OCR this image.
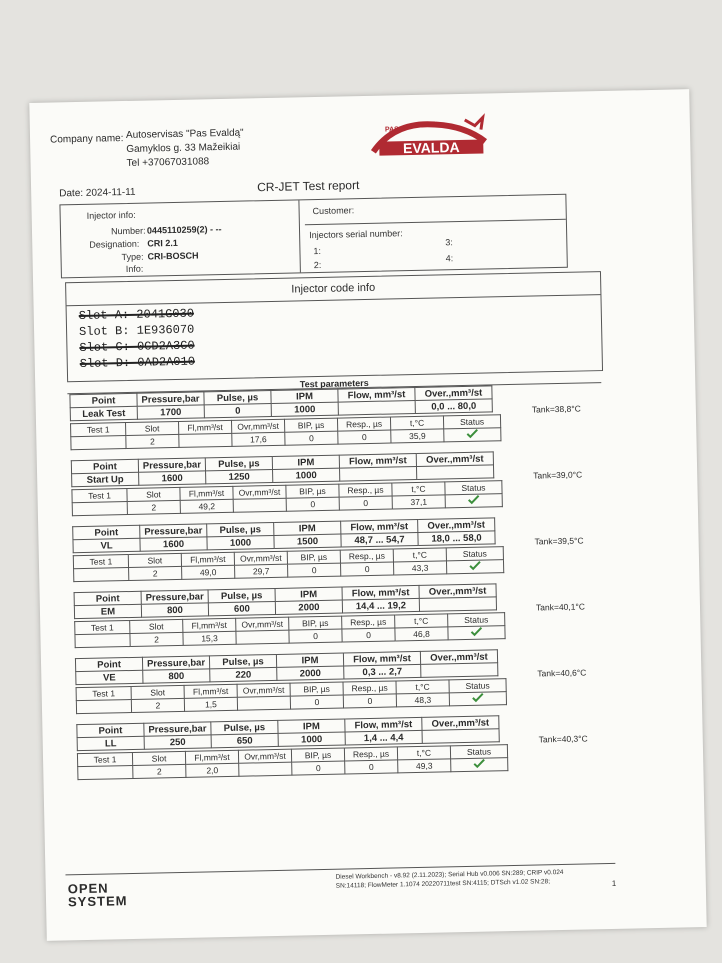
Company name: Autoservisas "Pas Evaldą"
Gamyklos g. 33 Mažeikiai
Tel +37067031088
EVALDA
PAS
Date: 2024-11-11	CR-JET Test report
Injector info:
Number: 0445110259(2) - --
Designation: CRI 2.1
Type: CRI-BOSCH
Info:
Customer:
Injectors serial number:
1:
2:
3:
4:
Injector code info
Slot A: 2041G030
Slot B: 1E936070
Slot C: 0CD2A3C0
Slot D: 0AD2A010
Test parameters
Point	Pressure,bar	Pulse, µs	IPM	Flow, mm³/st	Over.,mm³/st
Leak Test	1700	0	1000		0,0 ... 80,0
Test 1	Slot	Fl,mm³/st	Ovr,mm³/st	BIP, µs	Resp., µs	t,°C	Status
	2		17,6	0	0	35,9	
Tank=38,8°C
Point	Pressure,bar	Pulse, µs	IPM	Flow, mm³/st	Over.,mm³/st
Start Up	1600	1250	1000		
Test 1	Slot	Fl,mm³/st	Ovr,mm³/st	BIP, µs	Resp., µs	t,°C	Status
	2	49,2		0	0	37,1	
Tank=39,0°C
Point	Pressure,bar	Pulse, µs	IPM	Flow, mm³/st	Over.,mm³/st
VL	1600	1000	1500	48,7 ... 54,7	18,0 ... 58,0
Test 1	Slot	Fl,mm³/st	Ovr,mm³/st	BIP, µs	Resp., µs	t,°C	Status
	2	49,0	29,7	0	0	43,3	
Tank=39,5°C
Point	Pressure,bar	Pulse, µs	IPM	Flow, mm³/st	Over.,mm³/st
EM	800	600	2000	14,4 ... 19,2	
Test 1	Slot	Fl,mm³/st	Ovr,mm³/st	BIP, µs	Resp., µs	t,°C	Status
	2	15,3		0	0	46,8	
Tank=40,1°C
Point	Pressure,bar	Pulse, µs	IPM	Flow, mm³/st	Over.,mm³/st
VE	800	220	2000	0,3 ... 2,7	
Test 1	Slot	Fl,mm³/st	Ovr,mm³/st	BIP, µs	Resp., µs	t,°C	Status
	2	1,5		0	0	48,3	
Tank=40,6°C
Point	Pressure,bar	Pulse, µs	IPM	Flow, mm³/st	Over.,mm³/st
LL	250	650	1000	1,4 ... 4,4	
Test 1	Slot	Fl,mm³/st	Ovr,mm³/st	BIP, µs	Resp., µs	t,°C	Status
	2	2,0		0	0	49,3	
Tank=40,3°C
OPEN
SYSTEM
Diesel Workbench - v8.92 (2.11.2023); Serial Hub v0.006 SN:289; CRIP v0.024
SN:14118; FlowMeter 1.1074 20220711test SN:4115; DTSch v1.02 SN:28;	1
